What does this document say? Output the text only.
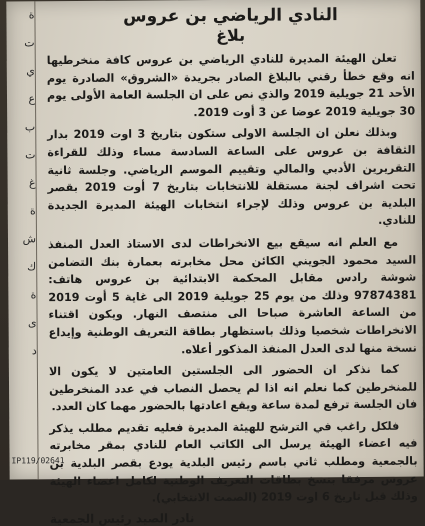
ة
ت
ي
ع
ب
ت
غ
ة
ش
ك
ة
ى
د
النادي الرياضي بن عروس
بلاغ

تعلن الهيئة المديرة للنادي الرياضي بن عروس كافة منخرطيها انه وقع خطأ رقني بالبلاغ الصادر بجريدة «الشروق» الصادرة يوم الأحد 21 جويلية 2019 والذي نص على ان الجلسة العامة الأولى يوم 30 جويلية 2019 عوضا عن 3 أوت 2019.

وبذلك نعلن ان الجلسة الاولى ستكون بتاريخ 3 اوت 2019 بدار الثقافة بن عروس على الساعة السادسة مساء وذلك للقراءة التقريرين الأدبي والمالي وتقييم الموسم الرياضي. وجلسة ثانية تحت اشراف لجنة مستقلة للانتخابات بتاريخ 7 أوت 2019 بقصر البلدية بن عروس وذلك لإجراء انتخابات الهيئة المديرة الجديدة للنادي.

مع العلم انه سيقع بيع الانخراطات لدى الاستاذ العدل المنفذ السيد محمود الجويني الكائن محل مخابرته بعمارة بنك التضامن شوشة رادس مقابل المحكمة الابتدائية بن عروس هاتف: 97874381 وذلك من يوم 25 جويلية 2019 الى غاية 5 أوت 2019 من الساعة العاشرة صباحا الى منتصف النهار. ويكون اقتناء الانخراطات شخصيا وذلك باستظهار بطاقة التعريف الوطنية وإيداع نسخة منها لدى العدل المنفذ المذكور أعلاه.

كما نذكر ان الحضور الى الجلستين العامتين لا يكون الا للمنخرطين كما نعلم انه اذا لم يحصل النصاب في عدد المنخرطين فان الجلسة ترفع لمدة ساعة ويقع اعادتها بالحضور مهما كان العدد.

فلكل راغب في الترشح للهيئة المديرة فعليه تقديم مطلب يذكر فيه اعضاء الهيئة يرسل الى الكاتب العام للنادي بمقر مخابرته بالجمعية ومطلب ثاني باسم رئيس البلدية يودع بقصر البلدية بن عروس مرفقا بنسخ بطاقات التعريف الوطنية لكامل اعضاء الهيئة وذلك قبل تاريخ 6 اوت 2019 (الصمت الانتخابي).

نادر الصيد رئيس الجمعية
IP119/02641
